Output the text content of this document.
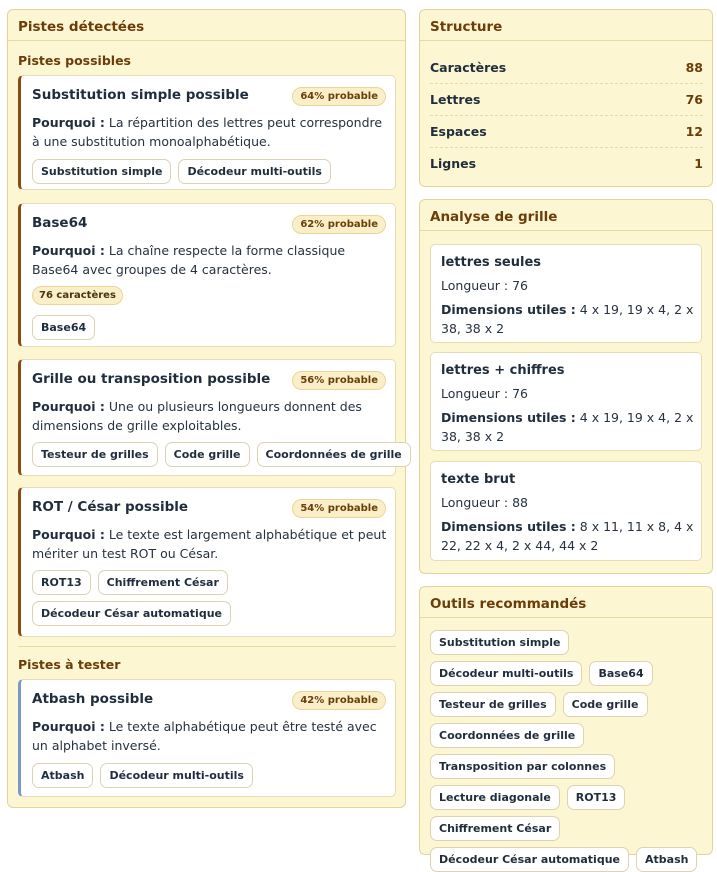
Pistes détectées
Pistes possibles
Substitution simple possible	64% probable
Pourquoi : La répartition des lettres peut correspondre à une substitution monoalphabétique.
Substitution simple	Décodeur multi-outils
Base64	62% probable
Pourquoi : La chaîne respecte la forme classique Base64 avec groupes de 4 caractères.
76 caractères
Base64
Grille ou transposition possible	56% probable
Pourquoi : Une ou plusieurs longueurs donnent des dimensions de grille exploitables.
Testeur de grilles	Code grille	Coordonnées de grille
ROT / César possible	54% probable
Pourquoi : Le texte est largement alphabétique et peut mériter un test ROT ou César.
ROT13	Chiffrement César
Décodeur César automatique
Pistes à tester
Atbash possible	42% probable
Pourquoi : Le texte alphabétique peut être testé avec un alphabet inversé.
Atbash	Décodeur multi-outils
Structure
Caractères	88
Lettres	76
Espaces	12
Lignes	1
Analyse de grille
lettres seules
Longueur : 76
Dimensions utiles : 4 x 19, 19 x 4, 2 x 38, 38 x 2
lettres + chiffres
Longueur : 76
Dimensions utiles : 4 x 19, 19 x 4, 2 x 38, 38 x 2
texte brut
Longueur : 88
Dimensions utiles : 8 x 11, 11 x 8, 4 x 22, 22 x 4, 2 x 44, 44 x 2
Outils recommandés
Substitution simple
Décodeur multi-outils	Base64
Testeur de grilles	Code grille
Coordonnées de grille
Transposition par colonnes
Lecture diagonale	ROT13
Chiffrement César
Décodeur César automatique	Atbash
